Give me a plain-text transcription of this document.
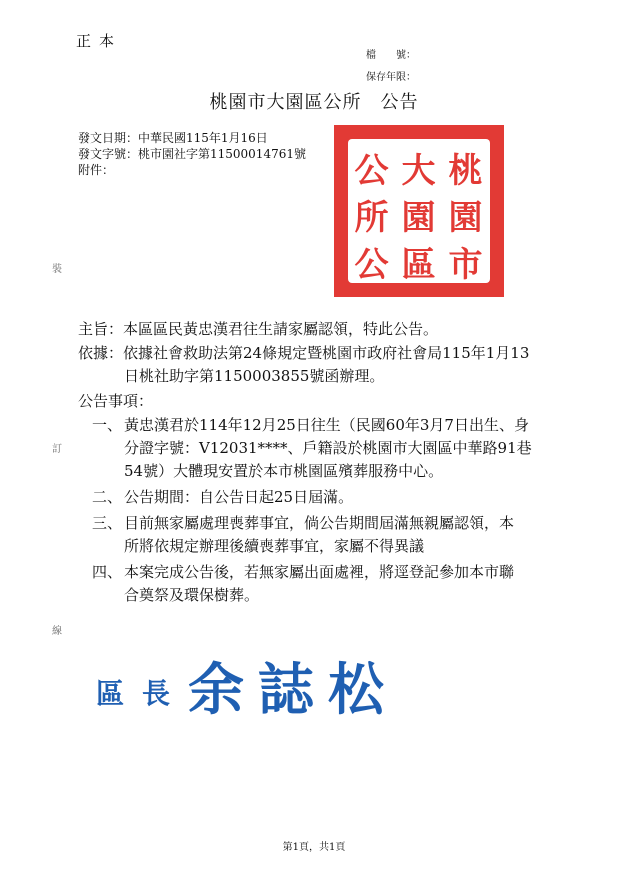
正本
檔　　號：
保存年限：
桃園市大園區公所　公告
發文日期：中華民國115年1月16日
發文字號：桃市園社字第11500014761號
附件：
裝
訂
線
桃
大
公
園
園
所
市
區
公
主旨：本區區民黃忠漢君往生請家屬認領，特此公告。
依據：依據社會救助法第24條規定暨桃園市政府社會局115年1月13
日桃社助字第1150003855號函辦理。
公告事項：
一、 黃忠漢君於114年12月25日往生（民國60年3月7日出生、身
分證字號：V12031****、戶籍設於桃園市大園區中華路91巷
54號）大體現安置於本市桃園區殯葬服務中心。
二、 公告期間：自公告日起25日屆滿。
三、 目前無家屬處理喪葬事宜，倘公告期間屆滿無親屬認領，本
所將依規定辦理後續喪葬事宜，家屬不得異議
四、 本案完成公告後，若無家屬出面處裡，將逕登記參加本市聯
合奠祭及環保樹葬。
區長 余誌松
第1頁，共1頁
